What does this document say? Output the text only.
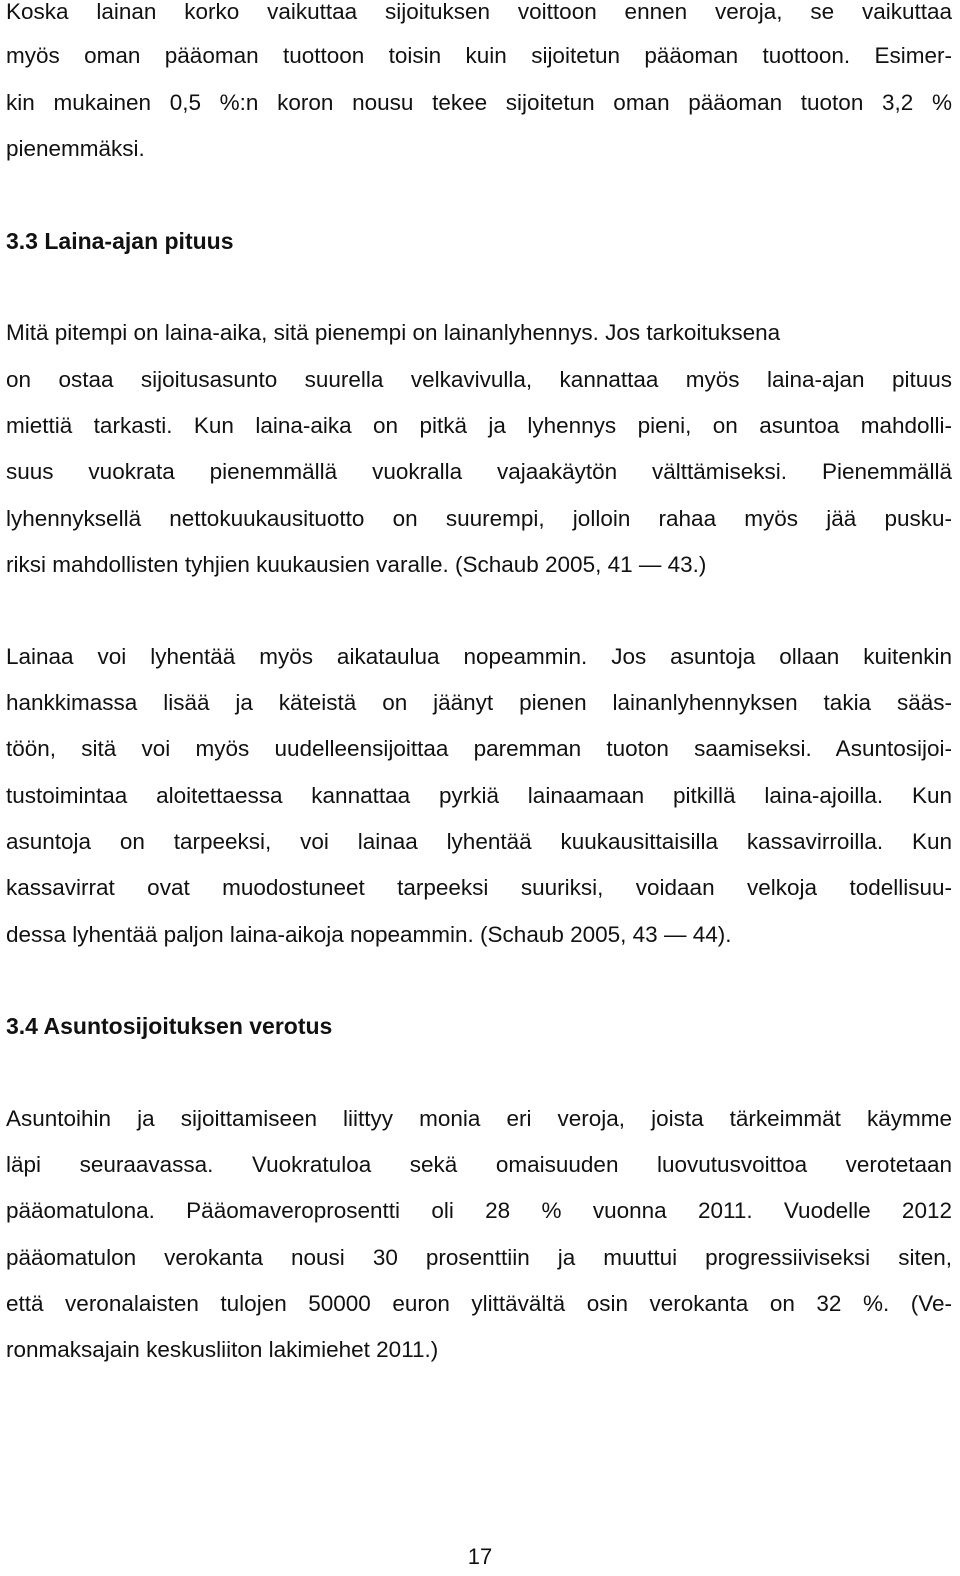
Koska lainan korko vaikuttaa sijoituksen voittoon ennen veroja, se vaikuttaa
myös oman pääoman tuottoon toisin kuin sijoitetun pääoman tuottoon. Esimer-
kin mukainen 0,5 %:n koron nousu tekee sijoitetun oman pääoman tuoton 3,2 %
pienemmäksi.
3.3 Laina-ajan pituus
Mitä pitempi on laina-aika, sitä pienempi on lainanlyhennys. Jos tarkoituksena
on ostaa sijoitusasunto suurella velkavivulla, kannattaa myös laina-ajan pituus
miettiä tarkasti. Kun laina-aika on pitkä ja lyhennys pieni, on asuntoa mahdolli-
suus vuokrata pienemmällä vuokralla vajaakäytön välttämiseksi. Pienemmällä
lyhennyksellä nettokuukausituotto on suurempi, jolloin rahaa myös jää pusku-
riksi mahdollisten tyhjien kuukausien varalle. (Schaub 2005, 41 — 43.)
Lainaa voi lyhentää myös aikataulua nopeammin. Jos asuntoja ollaan kuitenkin
hankkimassa lisää ja käteistä on jäänyt pienen lainanlyhennyksen takia sääs-
töön, sitä voi myös uudelleensijoittaa paremman tuoton saamiseksi. Asuntosijoi-
tustoimintaa aloitettaessa kannattaa pyrkiä lainaamaan pitkillä laina-ajoilla. Kun
asuntoja on tarpeeksi, voi lainaa lyhentää kuukausittaisilla kassavirroilla. Kun
kassavirrat ovat muodostuneet tarpeeksi suuriksi, voidaan velkoja todellisuu-
dessa lyhentää paljon laina-aikoja nopeammin. (Schaub 2005, 43 — 44).
3.4 Asuntosijoituksen verotus
Asuntoihin ja sijoittamiseen liittyy monia eri veroja, joista tärkeimmät käymme
läpi seuraavassa. Vuokratuloa sekä omaisuuden luovutusvoittoa verotetaan
pääomatulona. Pääomaveroprosentti oli 28 % vuonna 2011. Vuodelle 2012
pääomatulon verokanta nousi 30 prosenttiin ja muuttui progressiiviseksi siten,
että veronalaisten tulojen 50000 euron ylittävältä osin verokanta on 32 %. (Ve-
ronmaksajain keskusliiton lakimiehet 2011.)
17
